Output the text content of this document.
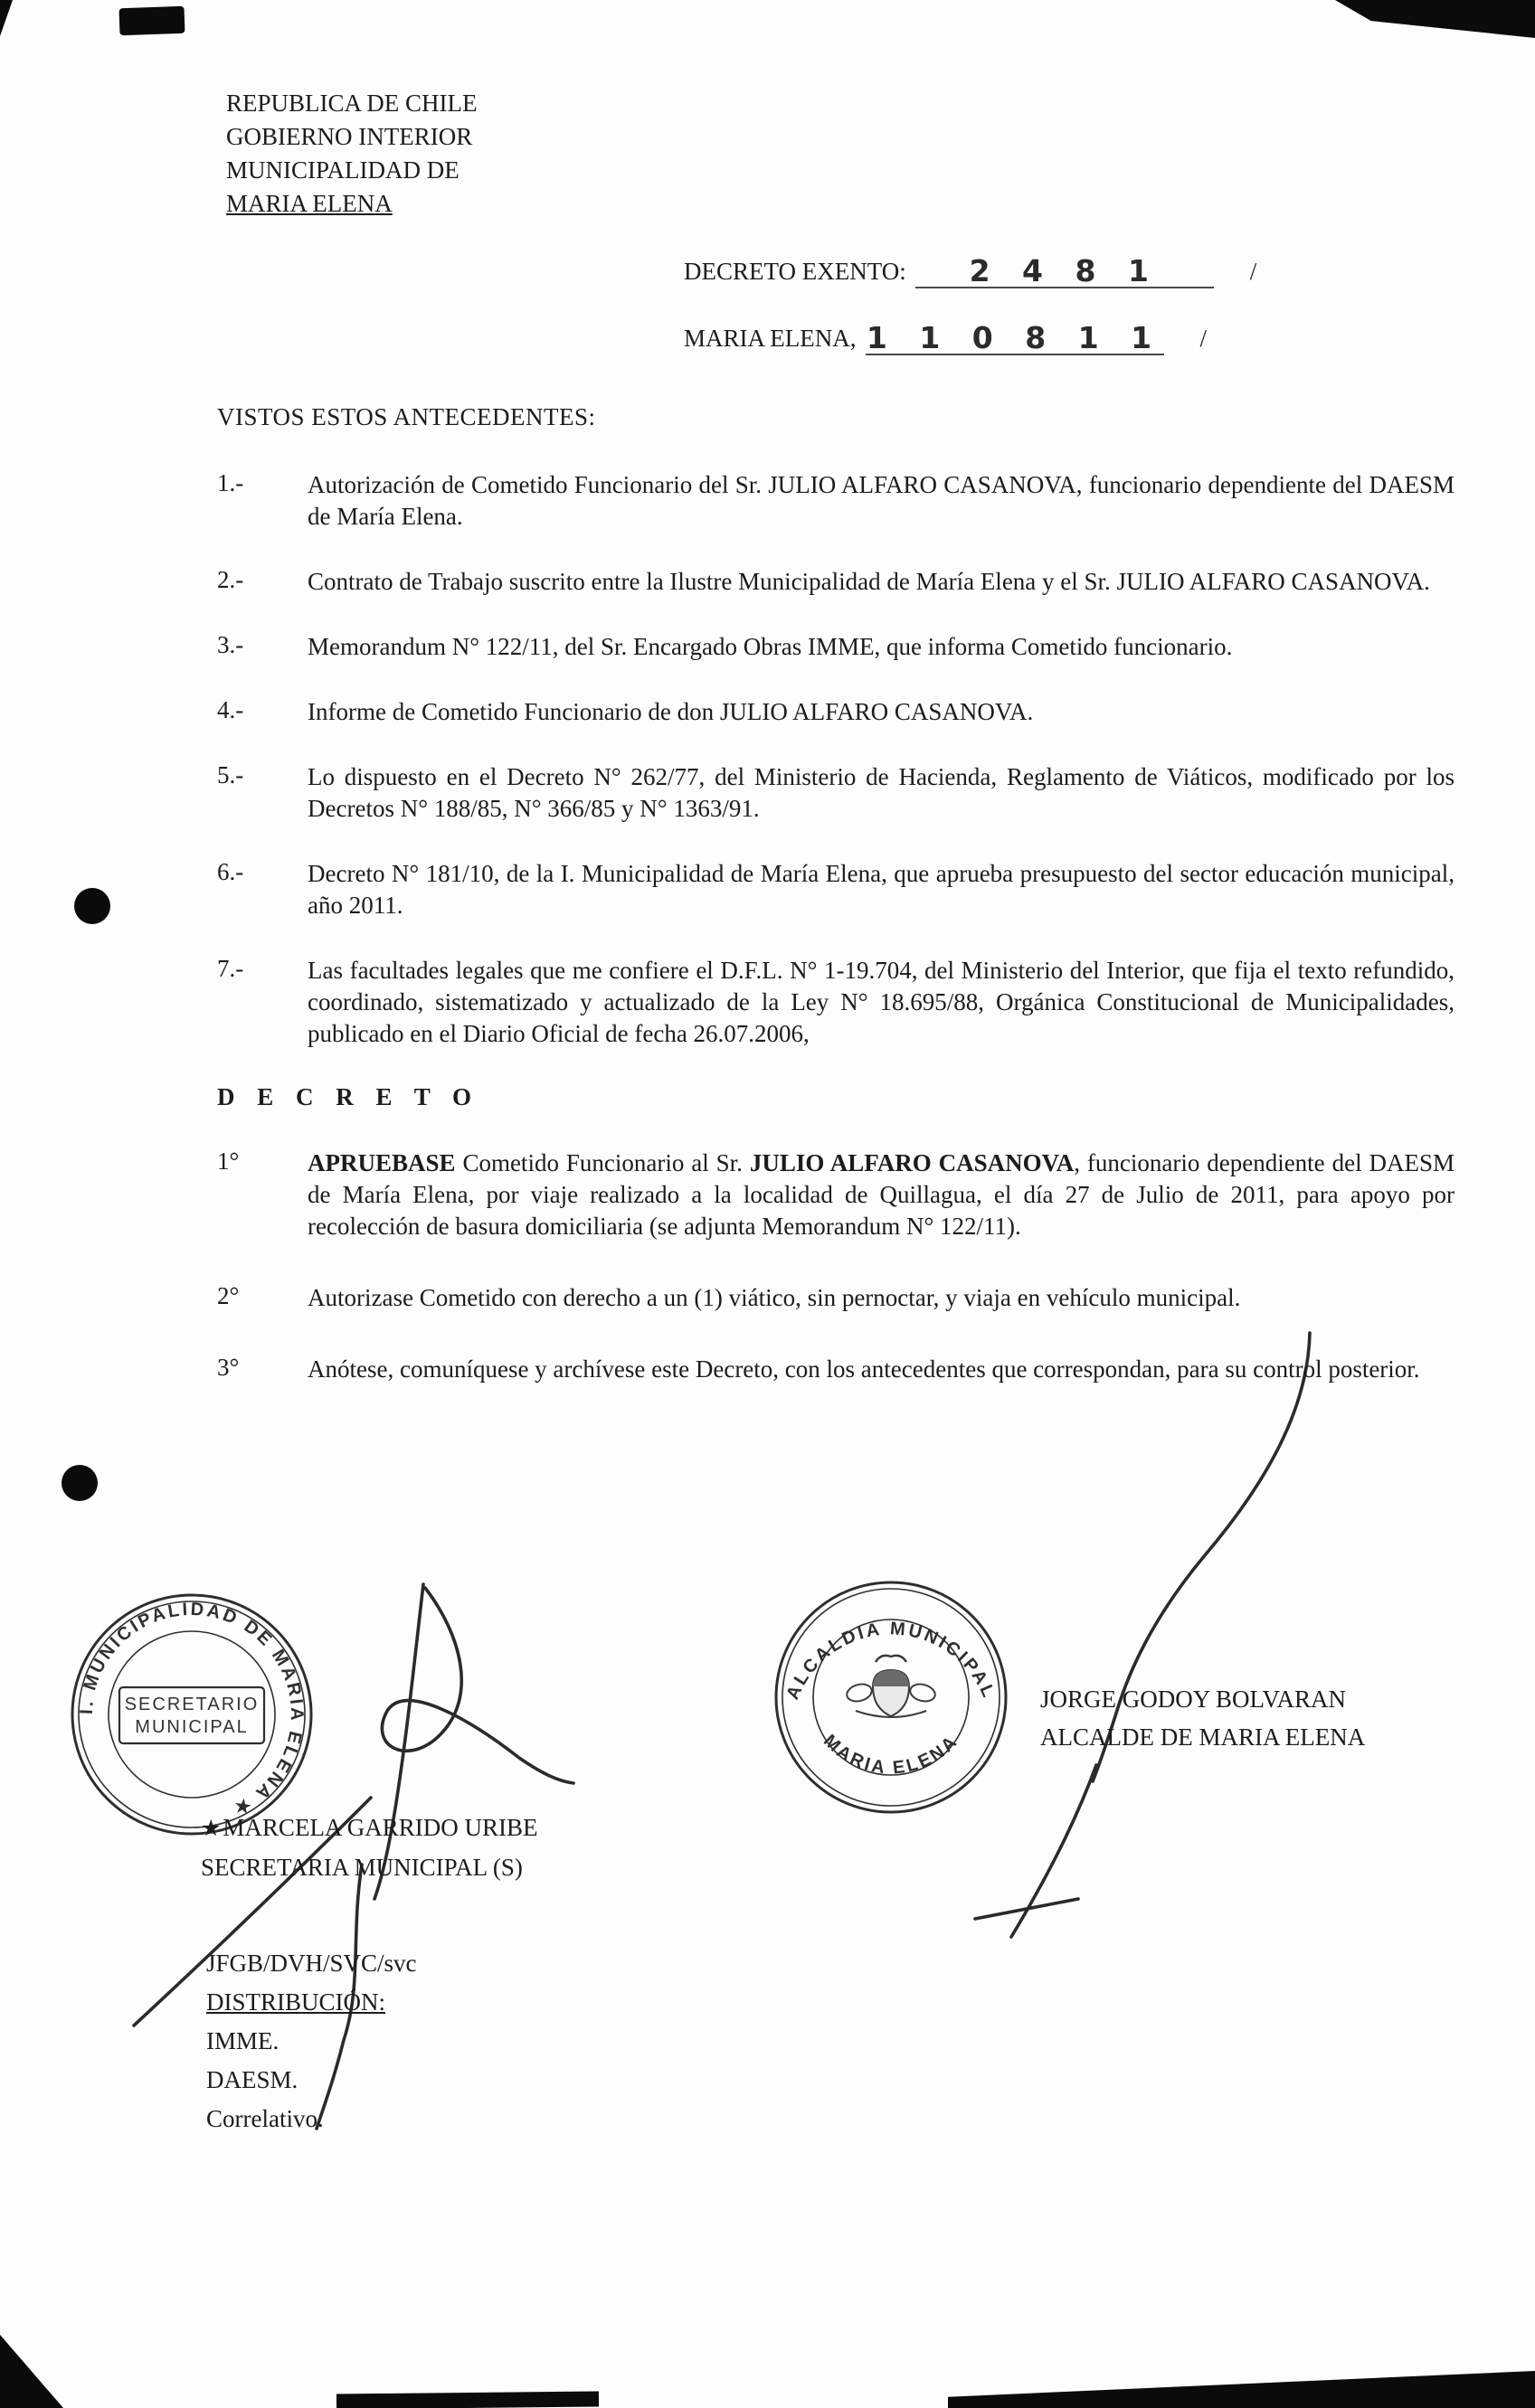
REPUBLICA DE CHILE
GOBIERNO INTERIOR
MUNICIPALIDAD DE
MARIA ELENA
DECRETO EXENTO: 2 4 8 1	/
MARIA ELENA, 1 1 0 8 1 1 /

VISTOS ESTOS ANTECEDENTES:

1.-	Autorización de Cometido Funcionario del Sr. JULIO ALFARO CASANOVA, funcionario dependiente del DAESM de María Elena.
2.-	Contrato de Trabajo suscrito entre la Ilustre Municipalidad de María Elena y el Sr. JULIO ALFARO CASANOVA.
3.-	Memorandum N° 122/11, del Sr. Encargado Obras IMME, que informa Cometido funcionario.
4.-	Informe de Cometido Funcionario de don JULIO ALFARO CASANOVA.
5.-	Lo dispuesto en el Decreto N° 262/77, del Ministerio de Hacienda, Reglamento de Viáticos, modificado por los Decretos N° 188/85, N° 366/85 y N° 1363/91.
6.-	Decreto N° 181/10, de la I. Municipalidad de María Elena, que aprueba presupuesto del sector educación municipal, año 2011.
7.-	Las facultades legales que me confiere el D.F.L. N° 1-19.704, del Ministerio del Interior, que fija el texto refundido, coordinado, sistematizado y actualizado de la Ley N° 18.695/88, Orgánica Constitucional de Municipalidades, publicado en el Diario Oficial de fecha 26.07.2006,

D E C R E T O

1°	APRUEBASE Cometido Funcionario al Sr. JULIO ALFARO CASANOVA, funcionario dependiente del DAESM de María Elena, por viaje realizado a la localidad de Quillagua, el día 27 de Julio de 2011, para apoyo por recolección de basura domiciliaria (se adjunta Memorandum N° 122/11).
2°	Autorizase Cometido con derecho a un (1) viático, sin pernoctar, y viaja en vehículo municipal.
3°	Anótese, comuníquese y archívese este Decreto, con los antecedentes que correspondan, para su control posterior.
I. MUNICIPALIDAD DE MARIA ELENA ★
SECRETARIO
MUNICIPAL
ALCALDIA MUNICIPAL
MARIA ELENA
JORGE GODOY BOLVARAN
ALCALDE DE MARIA ELENA
★MARCELA GARRIDO URIBE
SECRETARIA MUNICIPAL (S)
JFGB/DVH/SVC/svc
DISTRIBUCIÓN:
IMME.
DAESM.
Correlativo.
